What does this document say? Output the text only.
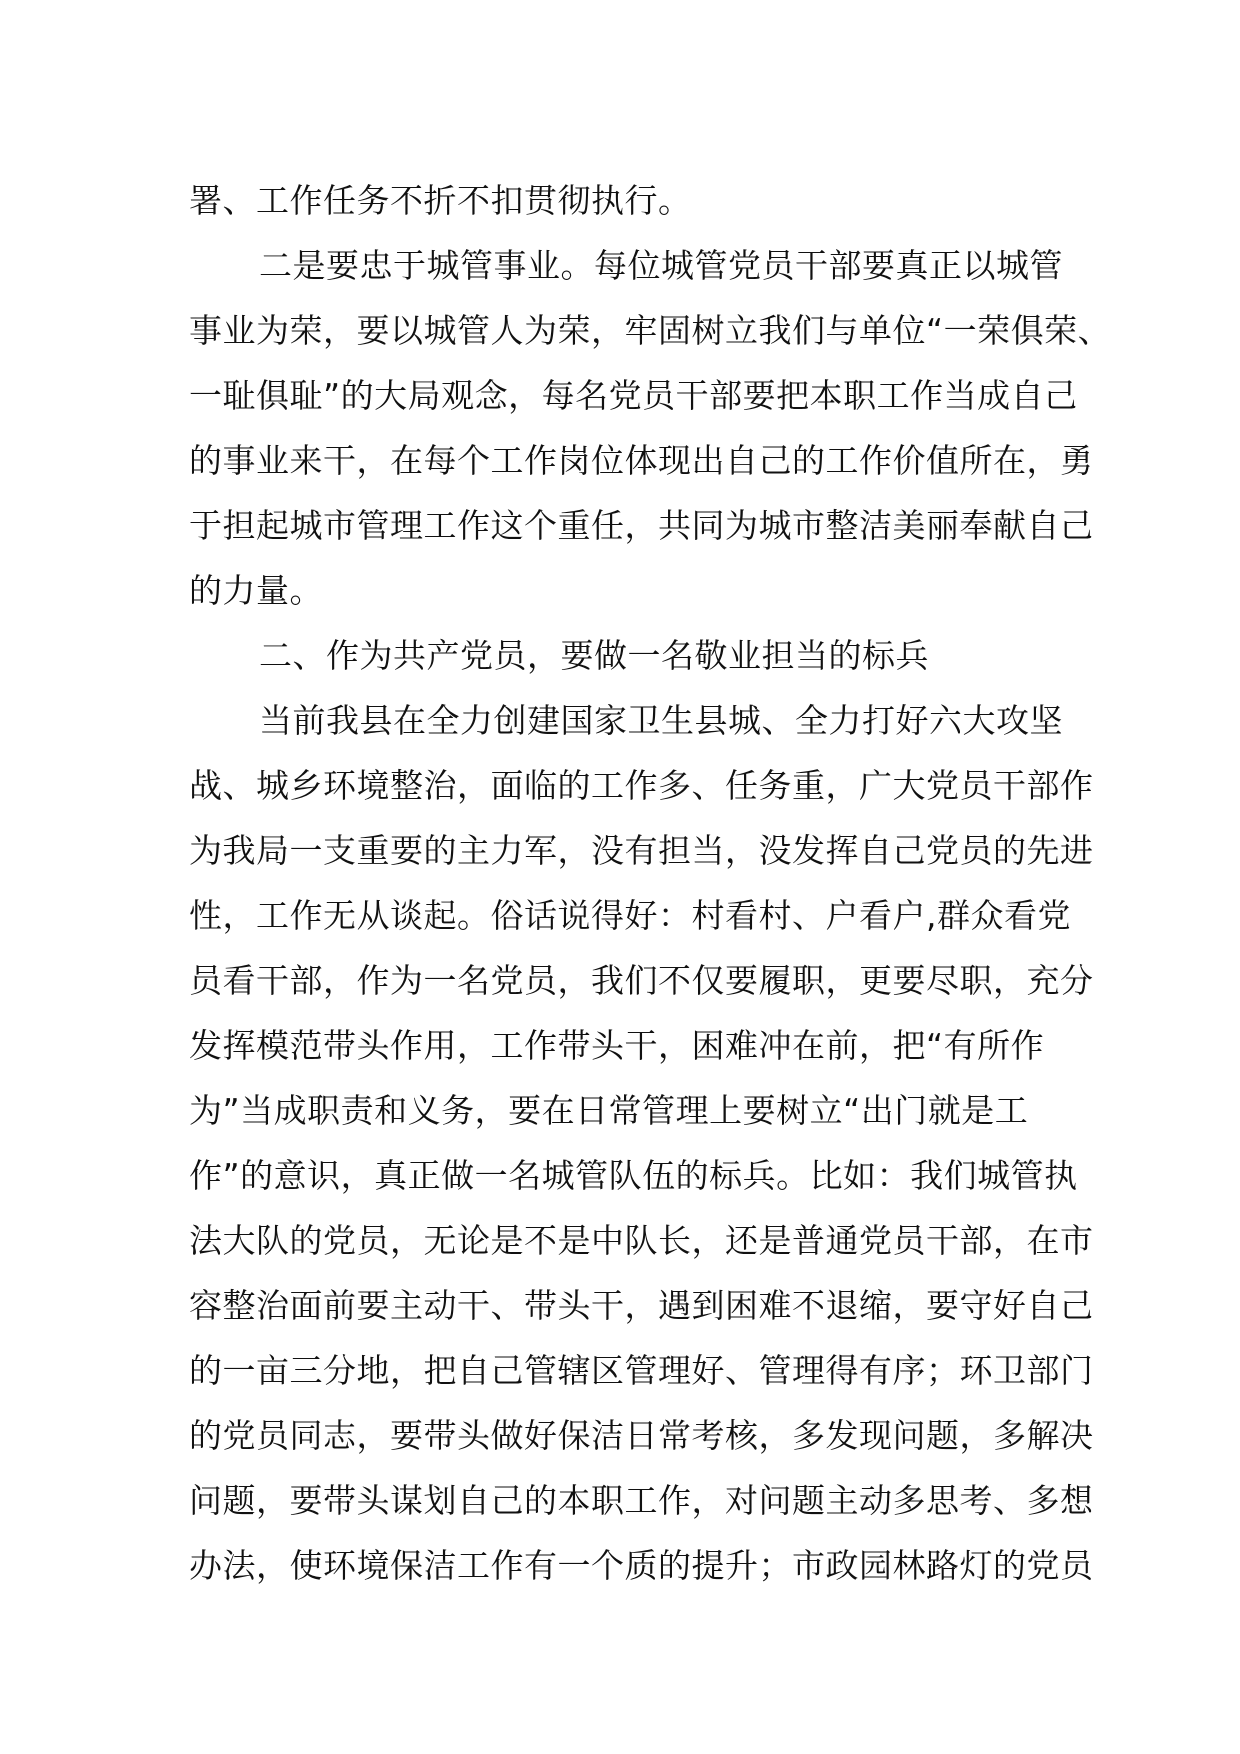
署、工作任务不折不扣贯彻执行。
二是要忠于城管事业。每位城管党员干部要真正以城管
事业为荣，要以城管人为荣，牢固树立我们与单位“一荣俱荣、
一耻俱耻”的大局观念，每名党员干部要把本职工作当成自己
的事业来干，在每个工作岗位体现出自己的工作价值所在，勇
于担起城市管理工作这个重任，共同为城市整洁美丽奉献自己
的力量。
二、作为共产党员，要做一名敬业担当的标兵
当前我县在全力创建国家卫生县城、全力打好六大攻坚
战、城乡环境整治，面临的工作多、任务重，广大党员干部作
为我局一支重要的主力军，没有担当，没发挥自己党员的先进
性，工作无从谈起。俗话说得好：村看村、户看户,群众看党
员看干部，作为一名党员，我们不仅要履职，更要尽职，充分
发挥模范带头作用，工作带头干，困难冲在前，把“有所作
为”当成职责和义务，要在日常管理上要树立“出门就是工
作”的意识，真正做一名城管队伍的标兵。比如：我们城管执
法大队的党员，无论是不是中队长，还是普通党员干部，在市
容整治面前要主动干、带头干，遇到困难不退缩，要守好自己
的一亩三分地，把自己管辖区管理好、管理得有序；环卫部门
的党员同志，要带头做好保洁日常考核，多发现问题，多解决
问题，要带头谋划自己的本职工作，对问题主动多思考、多想
办法，使环境保洁工作有一个质的提升；市政园林路灯的党员
